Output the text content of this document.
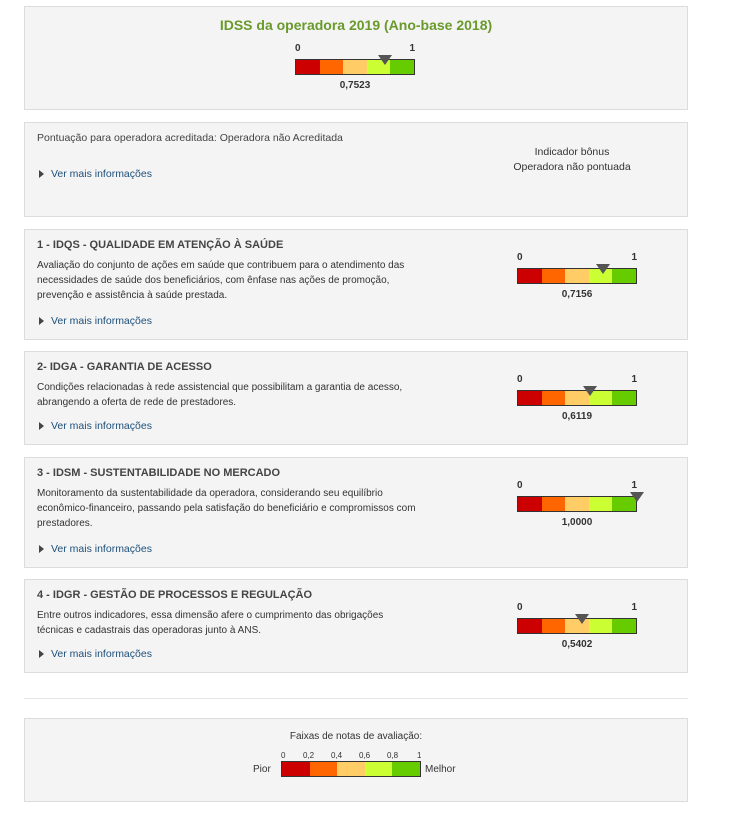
IDSS da operadora 2019 (Ano-base 2018)
0	1
0,7523
Pontuação para operadora acreditada: Operadora não Acreditada
Ver mais informações
Indicador bônus
Operadora não pontuada
1 - IDQS - QUALIDADE EM ATENÇÃO À SAÚDE
Avaliação do conjunto de ações em saúde que contribuem para o atendimento das
necessidades de saúde dos beneficiários, com ênfase nas ações de promoção,
prevenção e assistência à saúde prestada.
Ver mais informações
0	1
0,7156
2- IDGA - GARANTIA DE ACESSO
Condições relacionadas à rede assistencial que possibilitam a garantia de acesso,
abrangendo a oferta de rede de prestadores.
Ver mais informações
0	1
0,6119
3 - IDSM - SUSTENTABILIDADE NO MERCADO
Monitoramento da sustentabilidade da operadora, considerando seu equilíbrio
econômico-financeiro, passando pela satisfação do beneficiário e compromissos com
prestadores.
Ver mais informações
0	1
1,0000
4 - IDGR - GESTÃO DE PROCESSOS E REGULAÇÃO
Entre outros indicadores, essa dimensão afere o cumprimento das obrigações
técnicas e cadastrais das operadoras junto à ANS.
Ver mais informações
0	1
0,5402
Faixas de notas de avaliação:
0 0,2 0,4 0,6 0,8 1
Pior	Melhor
